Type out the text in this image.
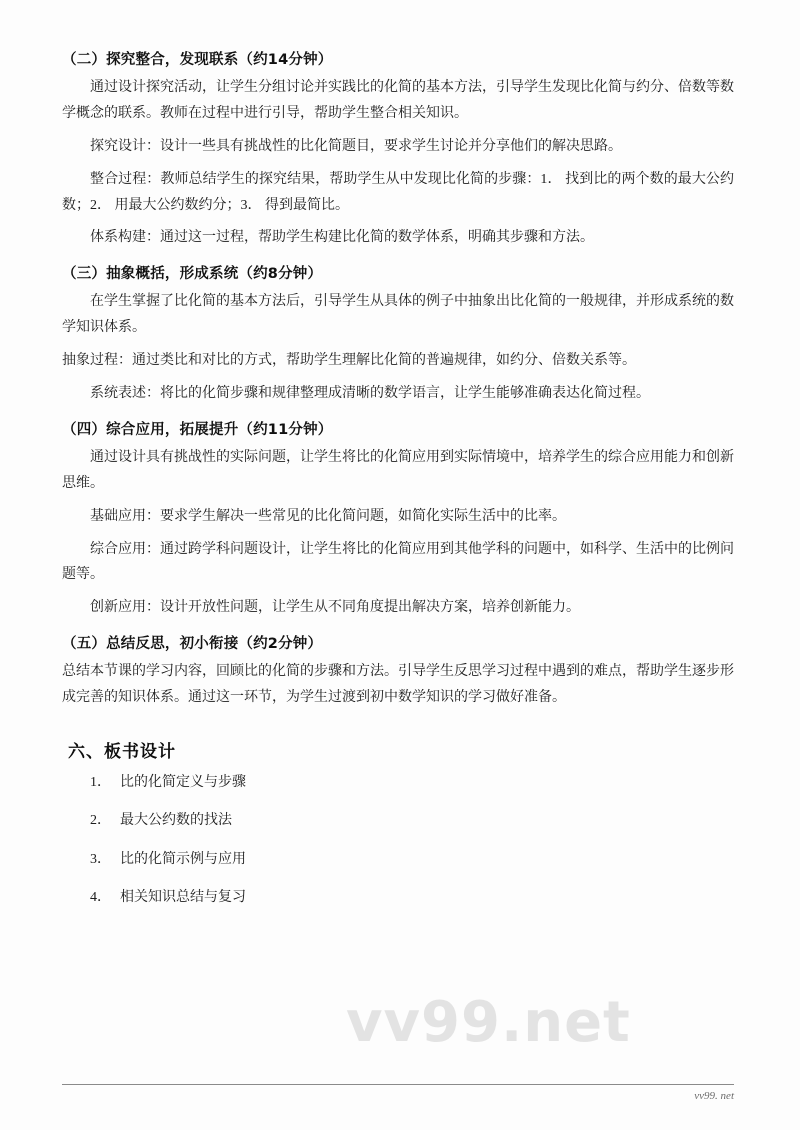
（二）探究整合，发现联系（约14分钟）

通过设计探究活动，让学生分组讨论并实践比的化简的基本方法，引导学生发现比化简与约分、倍数等数学概念的联系。教师在过程中进行引导，帮助学生整合相关知识。

探究设计：设计一些具有挑战性的比化简题目，要求学生讨论并分享他们的解决思路。

整合过程：教师总结学生的探究结果，帮助学生从中发现比化简的步骤：1． 找到比的两个数的最大公约数；2． 用最大公约数约分；3． 得到最简比。

体系构建：通过这一过程，帮助学生构建比化简的数学体系，明确其步骤和方法。

（三）抽象概括，形成系统（约8分钟）

在学生掌握了比化简的基本方法后，引导学生从具体的例子中抽象出比化简的一般规律，并形成系统的数学知识体系。

抽象过程：通过类比和对比的方式，帮助学生理解比化简的普遍规律，如约分、倍数关系等。

系统表述：将比的化简步骤和规律整理成清晰的数学语言，让学生能够准确表达化简过程。

（四）综合应用，拓展提升（约11分钟）

通过设计具有挑战性的实际问题，让学生将比的化简应用到实际情境中，培养学生的综合应用能力和创新思维。

基础应用：要求学生解决一些常见的比化简问题，如简化实际生活中的比率。

综合应用：通过跨学科问题设计，让学生将比的化简应用到其他学科的问题中，如科学、生活中的比例问题等。

创新应用：设计开放性问题，让学生从不同角度提出解决方案，培养创新能力。

（五）总结反思，初小衔接（约2分钟）

总结本节课的学习内容，回顾比的化简的步骤和方法。引导学生反思学习过程中遇到的难点，帮助学生逐步形成完善的知识体系。通过这一环节，为学生过渡到初中数学知识的学习做好准备。

六、板书设计
1． 比的化简定义与步骤
2． 最大公约数的找法
3． 比的化简示例与应用
4． 相关知识总结与复习
vv99.net
vv99. net
